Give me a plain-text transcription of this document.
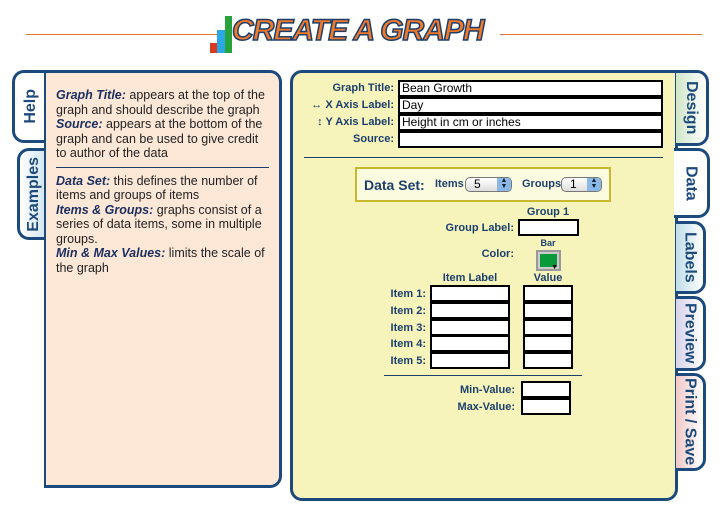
CREATE A GRAPH
Help
Examples

Graph Title: appears at the top of the graph and should describe the graph
Source: appears at the bottom of the graph and can be used to give credit to author of the data

Data Set: this defines the number of items and groups of items
Items & Groups: graphs consist of a series of data items, some in multiple groups.
Min & Max Values: limits the scale of the graph

Design
Data
Labels
Preview
Print / Save
Graph Title: Bean Growth
↔ X Axis Label: Day
↕ Y Axis Label: Height in cm or inches
Source:
Data Set: Items 5	▲
▼	Groups 1	▲
▼
Group 1
Group Label:
Bar
Color:
▼
Item Label	Value
Item 1:
Item 2:
Item 3:
Item 4:
Item 5:
Min-Value:
Max-Value:
